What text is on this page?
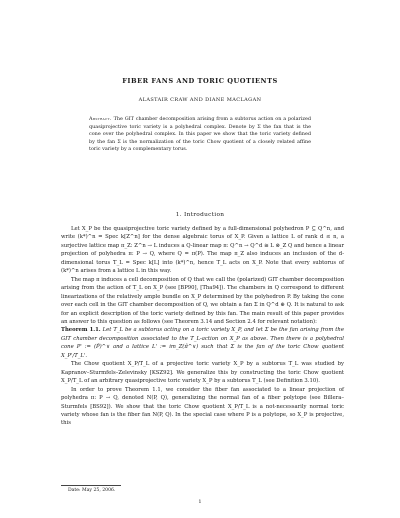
FIBER FANS AND TORIC QUOTIENTS
ALASTAIR CRAW AND DIANE MACLAGAN
Abstract. The GIT chamber decomposition arising from a subtorus action on a polarized quasiprojective toric variety is a polyhedral complex. Denote by Σ the fan that is the cone over the polyhedral complex. In this paper we show that the toric variety defined by the fan Σ is the normalization of the toric Chow quotient of a closely related affine toric variety by a complementary torus.
1. Introduction

Let X_P be the quasiprojective toric variety defined by a full-dimensional polyhedron P ⊆ Q^n, and write (k*)^n = Spec k[Z^n] for the dense algebraic torus of X_P. Given a lattice L of rank d ≤ n, a surjective lattice map π_Z: Z^n → L induces a Q-linear map π: Q^n → Q^d ≅ L ⊗_Z Q and hence a linear projection of polyhedra π: P → Q, where Q = π(P). The map π_Z also induces an inclusion of the d-dimensional torus T_L = Spec k[L] into (k*)^n, hence T_L acts on X_P. Note that every subtorus of (k*)^n arises from a lattice L in this way.

The map π induces a cell decomposition of Q that we call the (polarized) GIT chamber decomposition arising from the action of T_L on X_P (see [BP90], [Tha94]). The chambers in Q correspond to different linearizations of the relatively ample bundle on X_P determined by the polyhedron P. By taking the cone over each cell in the GIT chamber decomposition of Q, we obtain a fan Σ in Q^d ⊕ Q. It is natural to ask for an explicit description of the toric variety defined by this fan. The main result of this paper provides an answer to this question as follows (see Theorem 3.14 and Section 2.4 for relevant notation):

Theorem 1.1. Let T_L be a subtorus acting on a toric variety X_P, and let Σ be the fan arising from the GIT chamber decomposition associated to the T_L-action on X_P as above. Then there is a polyhedral cone P' := (P̃)^∨ and a lattice L' := im_Z(π̃^∨) such that Σ is the fan of the toric Chow quotient X_P'/T_L'.

The Chow quotient X_P/T_L of a projective toric variety X_P by a subtorus T_L was studied by Kapranov–Sturmfels–Zelevinsky [KSZ92]. We generalize this by constructing the toric Chow quotient X_P/T_L of an arbitrary quasiprojective toric variety X_P by a subtorus T_L (see Definition 3.10).

In order to prove Theorem 1.1, we consider the fiber fan associated to a linear projection of polyhedra π: P → Q, denoted N(P, Q), generalizing the normal fan of a fiber polytope (see Billera–Sturmfels [BS92]). We show that the toric Chow quotient X_P/T_L is a not-necessarily normal toric variety whose fan is the fiber fan N(P, Q). In the special case where P is a polytope, so X_P is projective, this

Date: May 25, 2006.
1
